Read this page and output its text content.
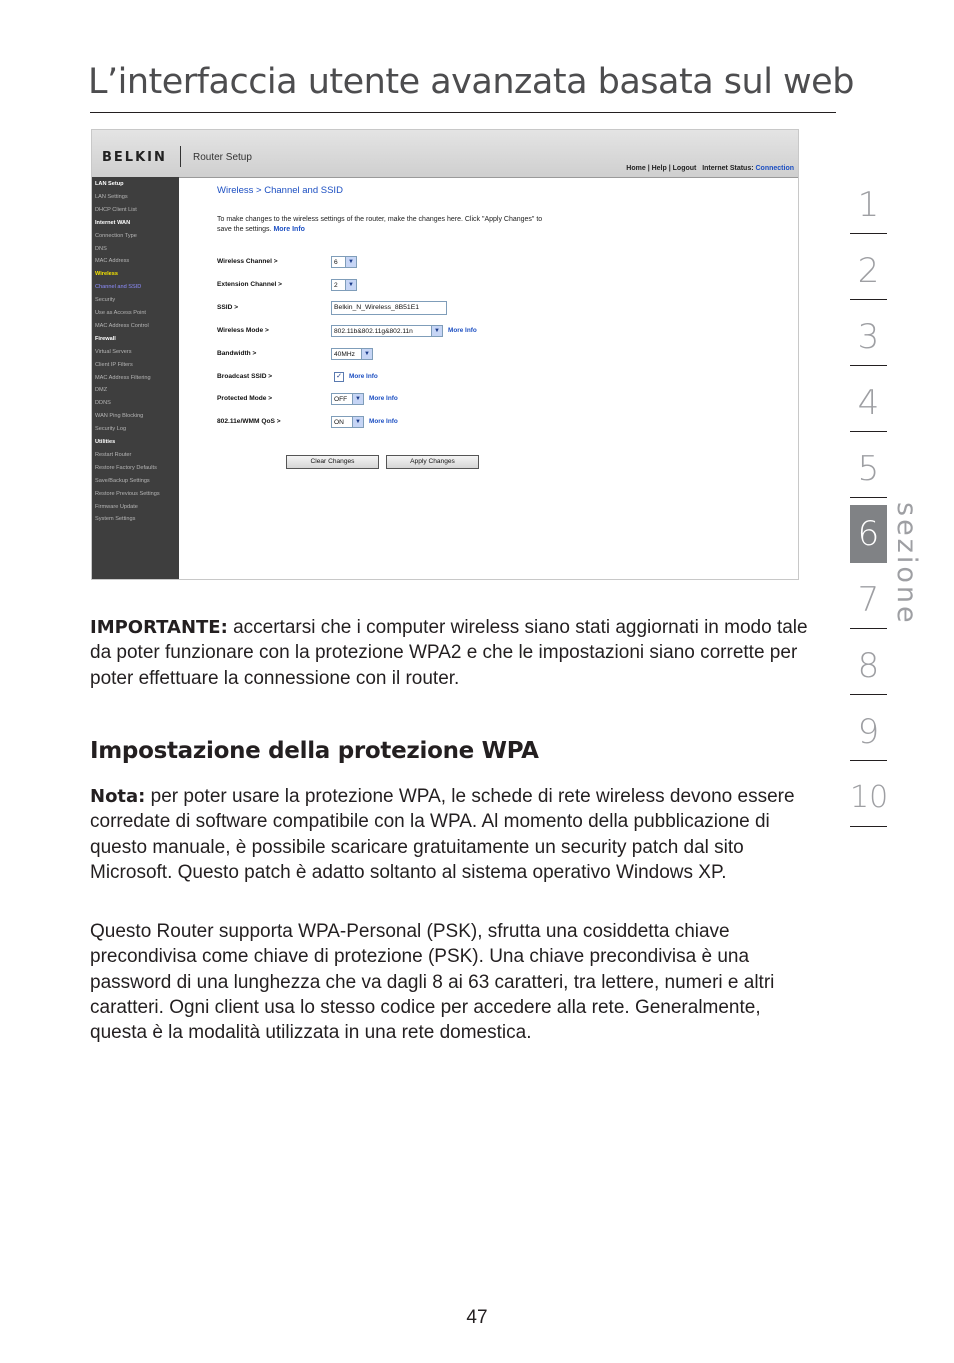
L’interfaccia utente avanzata basata sul web
BELKIN	Router Setup
Home | Help | Logout Internet Status: Connection
LAN Setup
LAN Settings
DHCP Client List
Internet WAN
Connection Type
DNS
MAC Address
Wireless
Channel and SSID
Security
Use as Access Point
MAC Address Control
Firewall
Virtual Servers
Client IP Filters
MAC Address Filtering
DMZ
DDNS
WAN Ping Blocking
Security Log
Utilities
Restart Router
Restore Factory Defaults
Save/Backup Settings
Restore Previous Settings
Firmware Update
System Settings
Wireless > Channel and SSID
To make changes to the wireless settings of the router, make the changes here. Click "Apply Changes" to save the settings. More Info
Wireless Channel >	6	▼
Extension Channel >	2	▼
SSID >	Belkin_N_Wireless_8B51E1
Wireless Mode >	802.11b&802.11g&802.11n	▼	More Info
Bandwidth >	40MHz	▼
Broadcast SSID >	✓	More Info
Protected Mode >	OFF	▼	More Info
802.11e/WMM QoS >	ON	▼	More Info
Clear Changes	Apply Changes
IMPORTANTE: accertarsi che i computer wireless siano stati aggiornati in modo tale da poter funzionare con la protezione WPA2 e che le impostazioni siano corrette per poter effettuare la connessione con il router.
Impostazione della protezione WPA
Nota: per poter usare la protezione WPA, le schede di rete wireless devono essere corredate di software compatibile con la WPA. Al momento della pubblicazione di questo manuale, è possibile scaricare gratuitamente un security patch dal sito Microsoft. Questo patch è adatto soltanto al sistema operativo Windows XP.
Questo Router supporta WPA-Personal (PSK), sfrutta una cosiddetta chiave precondivisa come chiave di protezione (PSK). Una chiave precondivisa è una password di una lunghezza che va dagli 8 ai 63 caratteri, tra lettere, numeri e altri caratteri. Ogni client usa lo stesso codice per accedere alla rete. Generalmente, questa è la modalità utilizzata in una rete domestica.
1
2
3
4
5
6
7
8
9
10
sezione
47
